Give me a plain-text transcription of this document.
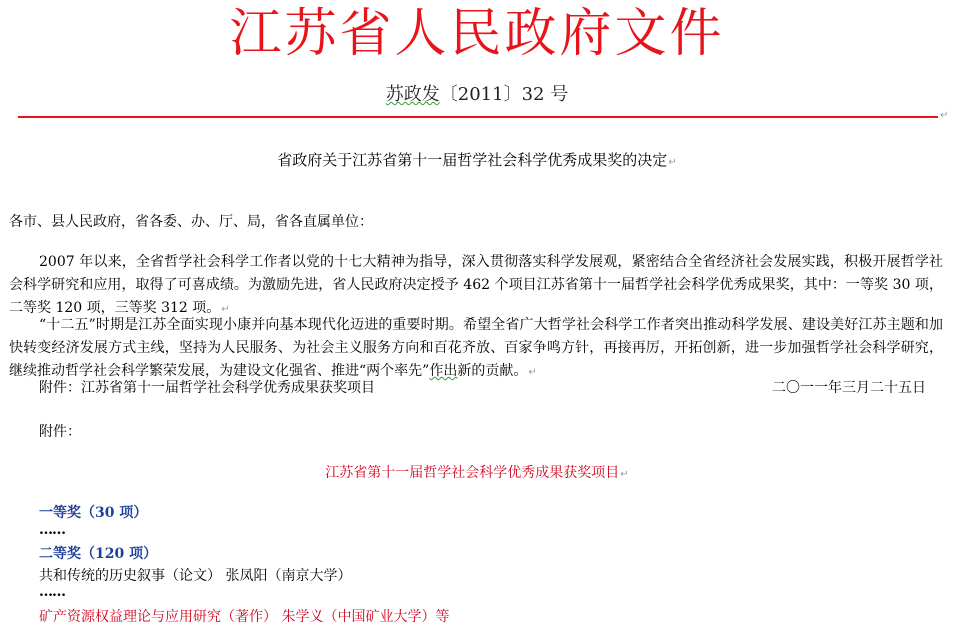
江苏省人民政府文件
苏政发〔2011〕32 号
↵
省政府关于江苏省第十一届哲学社会科学优秀成果奖的决定↵
各市、县人民政府，省各委、办、厅、局，省各直属单位：
2007 年以来，全省哲学社会科学工作者以党的十七大精神为指导，深入贯彻落实科学发展观，紧密结合全省经济社会发展实践，积极开展哲学社会科学研究和应用，取得了可喜成绩。为激励先进，省人民政府决定授予 462 个项目江苏省第十一届哲学社会科学优秀成果奖，其中：一等奖 30 项，二等奖 120 项，三等奖 312 项。↵
“十二五”时期是江苏全面实现小康并向基本现代化迈进的重要时期。希望全省广大哲学社会科学工作者突出推动科学发展、建设美好江苏主题和加快转变经济发展方式主线，坚持为人民服务、为社会主义服务方向和百花齐放、百家争鸣方针，再接再厉，开拓创新，进一步加强哲学社会科学研究，继续推动哲学社会科学繁荣发展，为建设文化强省、推进“两个率先”作出新的贡献。↵
附件：江苏省第十一届哲学社会科学优秀成果获奖项目	二〇一一年三月二十五日
附件：
江苏省第十一届哲学社会科学优秀成果获奖项目↵
一等奖（30 项）
……
二等奖（120 项）
共和传统的历史叙事（论文） 张凤阳（南京大学）
……
矿产资源权益理论与应用研究（著作） 朱学义（中国矿业大学）等
